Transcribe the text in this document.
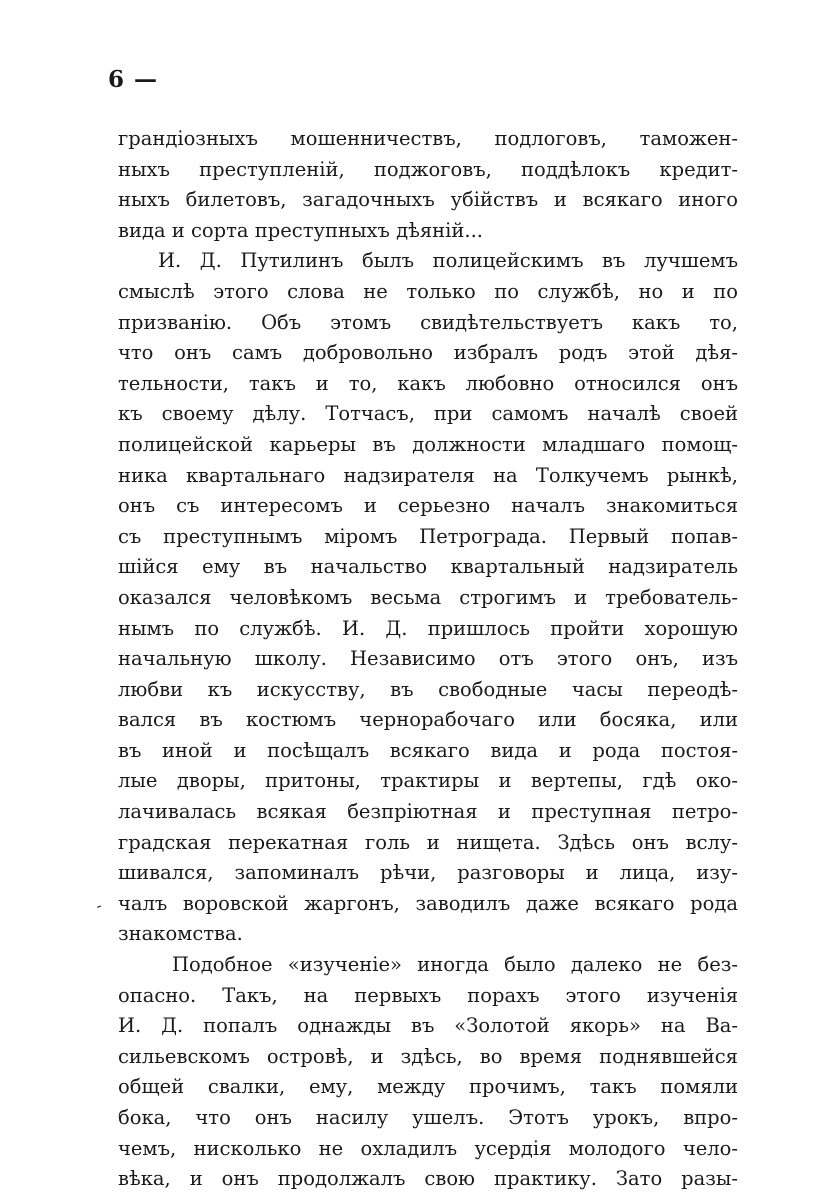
6 —

грандіозныхъ мошенничествъ, подлоговъ, таможен-
ныхъ преступленій, поджоговъ, поддѣлокъ кредит-
ныхъ билетовъ, загадочныхъ убійствъ и всякаго иного
вида и сорта преступныхъ дѣяній...

И. Д. Путилинъ былъ полицейскимъ въ лучшемъ
смыслѣ этого слова не только по службѣ, но и по
призванію. Объ этомъ свидѣтельствуетъ какъ то,
что онъ самъ добровольно избралъ родъ этой дѣя-
тельности, такъ и то, какъ любовно относился онъ
къ своему дѣлу. Тотчасъ, при самомъ началѣ своей
полицейской карьеры въ должности младшаго помощ-
ника квартальнаго надзирателя на Толкучемъ рынкѣ,
онъ съ интересомъ и серьезно началъ знакомиться
съ преступнымъ міромъ Петрограда. Первый попав-
шійся ему въ начальство квартальный надзиратель
оказался человѣкомъ весьма строгимъ и требователь-
нымъ по службѣ. И. Д. пришлось пройти хорошую
начальную школу. Независимо отъ этого онъ, изъ
любви къ искусству, въ свободные часы переодѣ-
вался въ костюмъ чернорабочаго или босяка, или
въ иной и посѣщалъ всякаго вида и рода постоя-
лые дворы, притоны, трактиры и вертепы, гдѣ око-
лачивалась всякая безпріютная и преступная петро-
градская перекатная голь и нищета. Здѣсь онъ вслу-
шивался, запоминалъ рѣчи, разговоры и лица, изу-
чалъ воровской жаргонъ, заводилъ даже всякаго рода
знакомства.

Подобное «изученіе» иногда было далеко не без-
опасно. Такъ, на первыхъ порахъ этого изученія
И. Д. попалъ однажды въ «Золотой якорь» на Ва-
сильевскомъ островѣ, и здѣсь, во время поднявшейся
общей свалки, ему, между прочимъ, такъ помяли
бока, что онъ насилу ушелъ. Этотъ урокъ, впро-
чемъ, нисколько не охладилъ усердія молодого чело-
вѣка, и онъ продолжалъ свою практику. Зато разы-

-
